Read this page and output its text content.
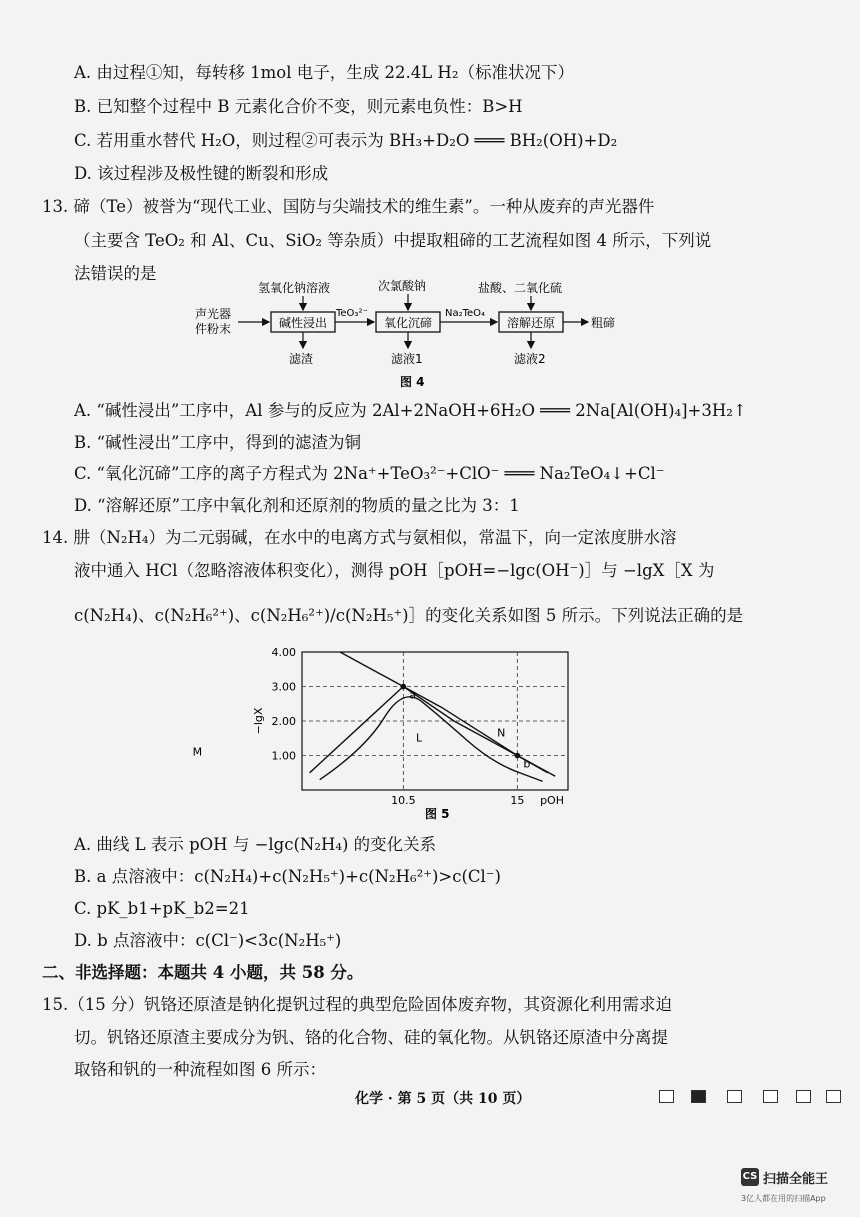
A. 由过程①知，每转移 1mol 电子，生成 22.4L H₂（标准状况下）
B. 已知整个过程中 B 元素化合价不变，则元素电负性：B>H
C. 若用重水替代 H₂O，则过程②可表示为 BH₃+D₂O ═══ BH₂(OH)+D₂
D. 该过程涉及极性键的断裂和形成
13. 碲（Te）被誉为“现代工业、国防与尖端技术的维生素”。一种从废弃的声光器件
（主要含 TeO₂ 和 Al、Cu、SiO₂ 等杂质）中提取粗碲的工艺流程如图 4 所示，下列说
法错误的是
声光器
件粉末	碱性浸出
TeO₃²⁻
氧化沉碲
Na₂TeO₄
溶解还原	粗碲
氢氧化钠溶液	次氯酸钠	盐酸、二氧化硫
滤渣	滤液1	滤液2
图 4
A. “碱性浸出”工序中，Al 参与的反应为 2Al+2NaOH+6H₂O ═══ 2Na[Al(OH)₄]+3H₂↑
B. “碱性浸出”工序中，得到的滤渣为铜
C. “氧化沉碲”工序的离子方程式为 2Na⁺+TeO₃²⁻+ClO⁻ ═══ Na₂TeO₄↓+Cl⁻
D. “溶解还原”工序中氧化剂和还原剂的物质的量之比为 3：1
14. 肼（N₂H₄）为二元弱碱，在水中的电离方式与氨相似，常温下，向一定浓度肼水溶
液中通入 HCl（忽略溶液体积变化），测得 pOH［pOH=−lgc(OH⁻)］与 −lgX［X 为
c(N₂H₄)、c(N₂H₆²⁺)、c(N₂H₆²⁺)/c(N₂H₅⁺)］的变化关系如图 5 所示。下列说法正确的是
1.00
2.00
3.00
4.00
10.5	15
−lgX
pOH
M
L	N
a
b
图 5
A. 曲线 L 表示 pOH 与 −lgc(N₂H₄) 的变化关系
B. a 点溶液中：c(N₂H₄)+c(N₂H₅⁺)+c(N₂H₆²⁺)>c(Cl⁻)
C. pK_b1+pK_b2=21
D. b 点溶液中：c(Cl⁻)<3c(N₂H₅⁺)
二、非选择题：本题共 4 小题，共 58 分。
15.（15 分）钒铬还原渣是钠化提钒过程的典型危险固体废弃物，其资源化利用需求迫
切。钒铬还原渣主要成分为钒、铬的化合物、硅的氧化物。从钒铬还原渣中分离提
取铬和钒的一种流程如图 6 所示：
化学 · 第 5 页（共 10 页）
CS 扫描全能王
3亿人都在用的扫描App
